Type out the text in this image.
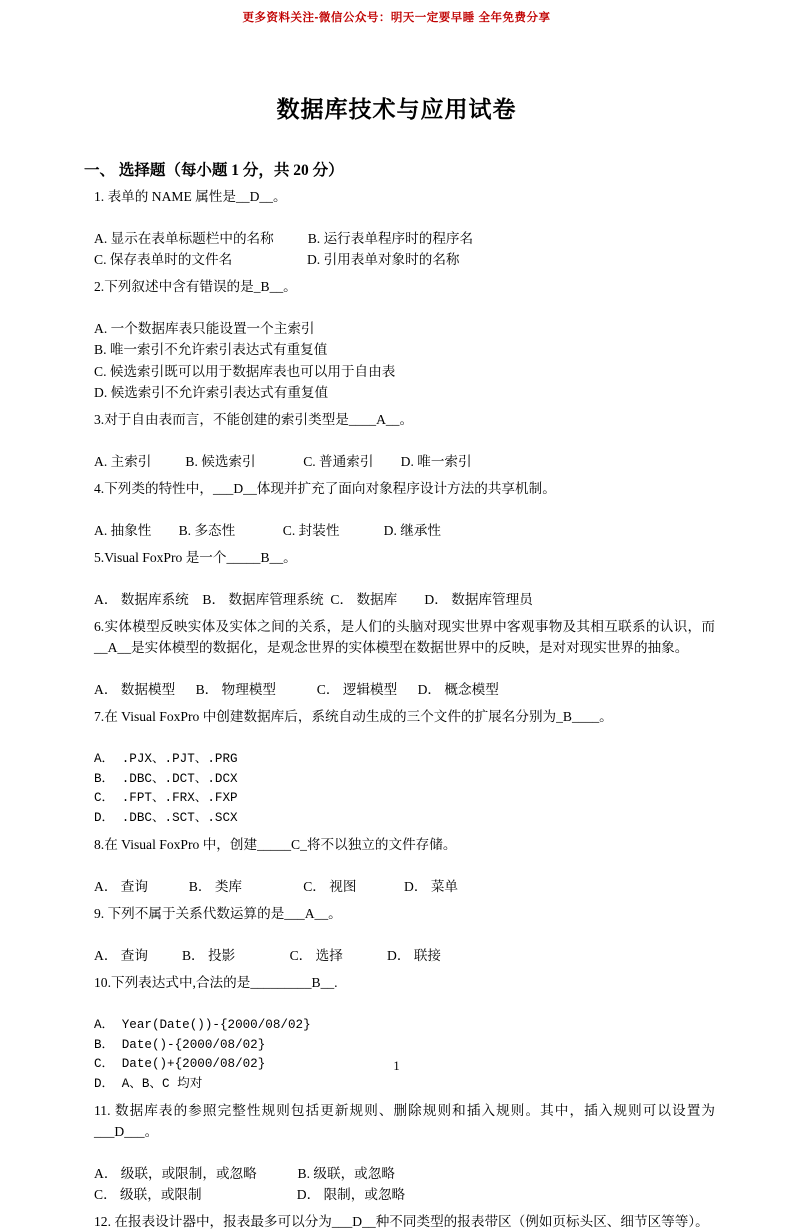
更多资料关注-微信公众号：明天一定要早睡 全年免费分享
数据库技术与应用试卷
一、 选择题（每小题 1 分，共 20 分）
1. 表单的 NAME 属性是__D__。
A. 显示在表单标题栏中的名称          B. 运行表单程序时的程序名
C. 保存表单时的文件名                      D. 引用表单对象时的名称
2.下列叙述中含有错误的是_B__。
A. 一个数据库表只能设置一个主索引
B. 唯一索引不允许索引表达式有重复值
C. 候选索引既可以用于数据库表也可以用于自由表
D. 候选索引不允许索引表达式有重复值
3.对于自由表而言，不能创建的索引类型是____A__。
A. 主索引          B. 候选索引              C. 普通索引        D. 唯一索引
4.下列类的特性中，___D__体现并扩充了面向对象程序设计方法的共享机制。
A. 抽象性        B. 多态性              C. 封装性             D. 继承性
5.Visual FoxPro 是一个_____B__。
A． 数据库系统    B． 数据库管理系统  C． 数据库        D． 数据库管理员
6.实体模型反映实体及实体之间的关系，是人们的头脑对现实世界中客观事物及其相互联系的认识，而__A__是实体模型的数据化，是观念世界的实体模型在数据世界中的反映，是对对现实世界的抽象。
A． 数据模型      B． 物理模型            C． 逻辑模型      D． 概念模型
7.在 Visual FoxPro 中创建数据库后，系统自动生成的三个文件的扩展名分别为_B____。
A． .PJX、.PJT、.PRG
B． .DBC、.DCT、.DCX
C． .FPT、.FRX、.FXP
D． .DBC、.SCT、.SCX
8.在 Visual FoxPro 中，创建_____C_将不以独立的文件存储。
A． 查询            B． 类库                  C． 视图              D． 菜单
9. 下列不属于关系代数运算的是___A__。
A． 查询          B． 投影                C． 选择             D． 联接
10.下列表达式中,合法的是_________B__.
A． Year(Date())-{2000/08/02}
B． Date()-{2000/08/02}
C． Date()+{2000/08/02}
D． A、B、C 均对
11. 数据库表的参照完整性规则包括更新规则、删除规则和插入规则。其中，插入规则可以设置为___D___。
A． 级联，或限制，或忽略            B. 级联，或忽略
C． 级联，或限制                            D． 限制，或忽略
12. 在报表设计器中，报表最多可以分为___D__种不同类型的报表带区（例如页标头区、细节区等等）。
1
